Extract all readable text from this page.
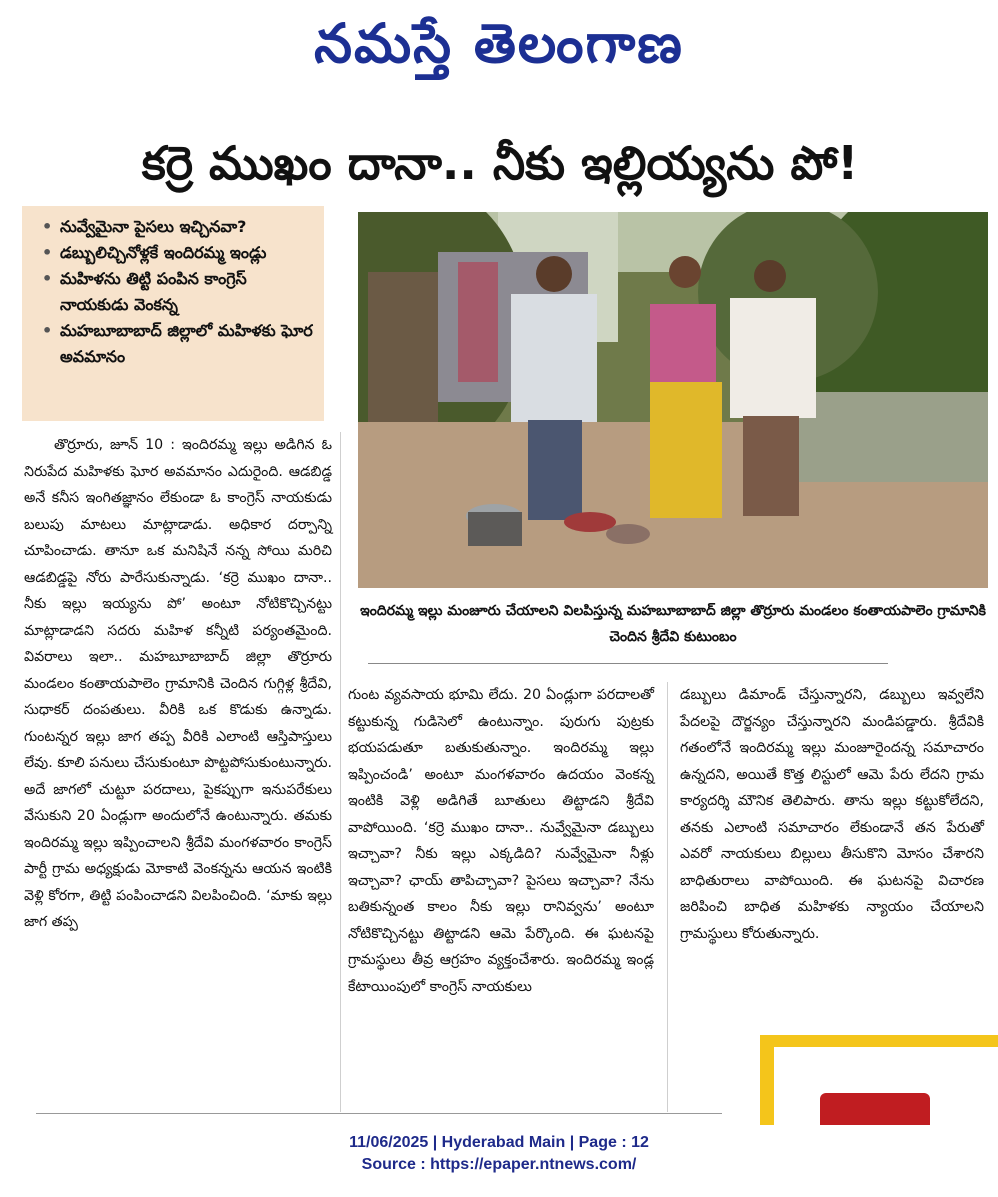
నమస్తే తెలంగాణ
కర్రె ముఖం దానా.. నీకు ఇల్లియ్యను పో!
• నువ్వేమైనా పైసలు ఇచ్చినవా?
• డబ్బులిచ్చినోళ్లకే ఇందిరమ్మ ఇండ్లు
• మహిళను తిట్టి పంపిన కాంగ్రెస్ నాయకుడు వెంకన్న
• మహబూబాబాద్ జిల్లాలో మహిళకు ఘోర అవమానం
ఇందిరమ్మ ఇల్లు మంజూరు చేయాలని విలపిస్తున్న మహబూబాబాద్ జిల్లా తొర్రూరు మండలం కంతాయపాలెం గ్రామానికి చెందిన శ్రీదేవి కుటుంబం
తొర్రూరు, జూన్ 10 : ఇందిరమ్మ ఇల్లు అడిగిన ఓ నిరుపేద మహిళకు ఘోర అవమానం ఎదురైంది. ఆడబిడ్డ అనే కనీస ఇంగితజ్ఞానం లేకుండా ఓ కాంగ్రెస్ నాయకుడు బలుపు మాటలు మాట్లాడాడు. అధికార దర్పాన్ని చూపించాడు. తానూ ఒక మనిషినే నన్న సోయి మరిచి ఆడబిడ్డపై నోరు పారేసుకున్నాడు. ‘కర్రె ముఖం దానా.. నీకు ఇల్లు ఇయ్యను పో’ అంటూ నోటికొచ్చినట్టు మాట్లాడాడని సదరు మహిళ కన్నీటి పర్యంతమైంది. వివరాలు ఇలా.. మహబూబాబాద్ జిల్లా తొర్రూరు మండలం కంతాయపాలెం గ్రామానికి చెందిన గుగ్గిళ్ల శ్రీదేవి, సుధాకర్ దంపతులు. వీరికి ఒక కొడుకు ఉన్నాడు. గుంటన్నర ఇల్లు జాగ తప్ప వీరికి ఎలాంటి ఆస్తిపాస్తులు లేవు. కూలి పనులు చేసుకుంటూ పొట్టపోసుకుంటున్నారు. అదే జాగలో చుట్టూ పరదాలు, పైకప్పుగా ఇనుపరేకులు వేసుకుని 20 ఏండ్లుగా అందులోనే ఉంటున్నారు. తమకు ఇందిరమ్మ ఇల్లు ఇప్పించాలని శ్రీదేవి మంగళవారం కాంగ్రెస్ పార్టీ గ్రామ అధ్యక్షుడు మోకాటి వెంకన్నను ఆయన ఇంటికి వెళ్లి కోరగా, తిట్టి పంపించాడని విలపించింది. ‘మాకు ఇల్లు జాగ తప్ప
గుంట వ్యవసాయ భూమి లేదు. 20 ఏండ్లుగా పరదాలతో కట్టుకున్న గుడిసెలో ఉంటున్నాం. పురుగు పుట్రకు భయపడుతూ బతుకుతున్నాం. ఇందిరమ్మ ఇల్లు ఇప్పించండి’ అంటూ మంగళవారం ఉదయం వెంకన్న ఇంటికి వెళ్లి అడిగితే బూతులు తిట్టాడని శ్రీదేవి వాపోయింది. ‘కర్రె ముఖం దానా.. నువ్వేమైనా డబ్బులు ఇచ్చావా? నీకు ఇల్లు ఎక్కడిది? నువ్వేమైనా నీళ్లు ఇచ్చావా? ఛాయ్ తాపిచ్చావా? పైసలు ఇచ్చావా? నేను బతికున్నంత కాలం నీకు ఇల్లు రానివ్వను’ అంటూ నోటికొచ్చినట్టు తిట్టాడని ఆమె పేర్కొంది. ఈ ఘటనపై గ్రామస్థులు తీవ్ర ఆగ్రహం వ్యక్తంచేశారు. ఇందిరమ్మ ఇండ్ల కేటాయింపులో కాంగ్రెస్ నాయకులు
డబ్బులు డిమాండ్ చేస్తున్నారని, డబ్బులు ఇవ్వలేని పేదలపై దౌర్జన్యం చేస్తున్నారని మండిపడ్డారు. శ్రీదేవికి గతంలోనే ఇందిరమ్మ ఇల్లు మంజూరైందన్న సమాచారం ఉన్నదని, అయితే కొత్త లిస్టులో ఆమె పేరు లేదని గ్రామ కార్యదర్శి మౌనిక తెలిపారు. తాను ఇల్లు కట్టుకోలేదని, తనకు ఎలాంటి సమాచారం లేకుండానే తన పేరుతో ఎవరో నాయకులు బిల్లులు తీసుకొని మోసం చేశారని బాధితురాలు వాపోయింది. ఈ ఘటనపై విచారణ జరిపించి బాధిత మహిళకు న్యాయం చేయాలని గ్రామస్థులు కోరుతున్నారు.
11/06/2025 | Hyderabad Main | Page : 12
Source : https://epaper.ntnews.com/
